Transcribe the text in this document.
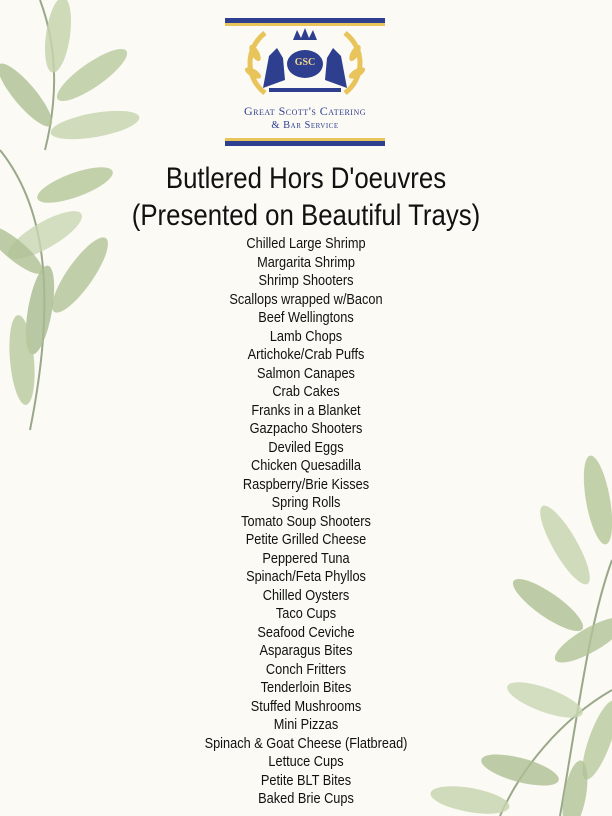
GSC
Great Scott's Catering
& Bar Service
Butlered Hors D'oeuvres
(Presented on Beautiful Trays)
Chilled Large Shrimp
Margarita Shrimp
Shrimp Shooters
Scallops wrapped w/Bacon
Beef Wellingtons
Lamb Chops
Artichoke/Crab Puffs
Salmon Canapes
Crab Cakes
Franks in a Blanket
Gazpacho Shooters
Deviled Eggs
Chicken Quesadilla
Raspberry/Brie Kisses
Spring Rolls
Tomato Soup Shooters
Petite Grilled Cheese
Peppered Tuna
Spinach/Feta Phyllos
Chilled Oysters
Taco Cups
Seafood Ceviche
Asparagus Bites
Conch Fritters
Tenderloin Bites
Stuffed Mushrooms
Mini Pizzas
Spinach & Goat Cheese (Flatbread)
Lettuce Cups
Petite BLT Bites
Baked Brie Cups
